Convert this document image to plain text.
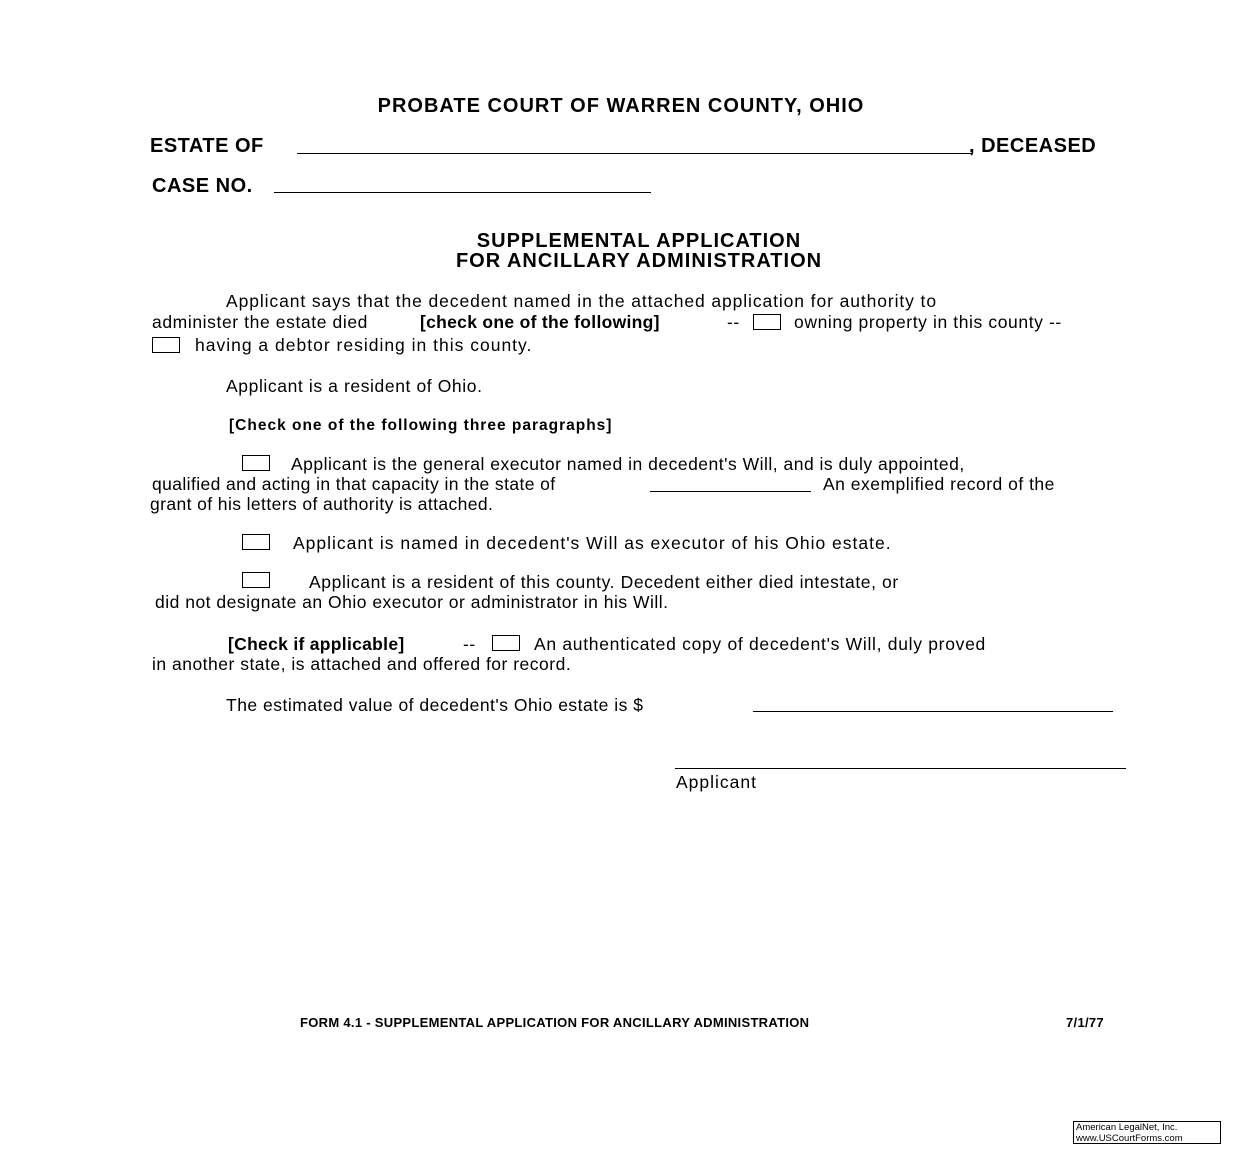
PROBATE COURT OF WARREN COUNTY, OHIO
ESTATE OF	, DECEASED
CASE NO.
SUPPLEMENTAL APPLICATION
FOR ANCILLARY ADMINISTRATION
Applicant says that the decedent named in the attached application for authority to
administer the estate died	[check one of the following]	--	owning property in this county --
having a debtor residing in this county.
Applicant is a resident of Ohio.
[Check one of the following three paragraphs]
Applicant is the general executor named in decedent's Will, and is duly appointed,
qualified and acting in that capacity in the state of	An exemplified record of the
grant of his letters of authority is attached.
Applicant is named in decedent's Will as executor of his Ohio estate.
Applicant is a resident of this county. Decedent either died intestate, or
did not designate an Ohio executor or administrator in his Will.
[Check if applicable]	--	An authenticated copy of decedent's Will, duly proved
in another state, is attached and offered for record.
The estimated value of decedent's Ohio estate is $
Applicant
FORM 4.1 - SUPPLEMENTAL APPLICATION FOR ANCILLARY ADMINISTRATION	7/1/77
American LegalNet, Inc.
www.USCourtForms.com
